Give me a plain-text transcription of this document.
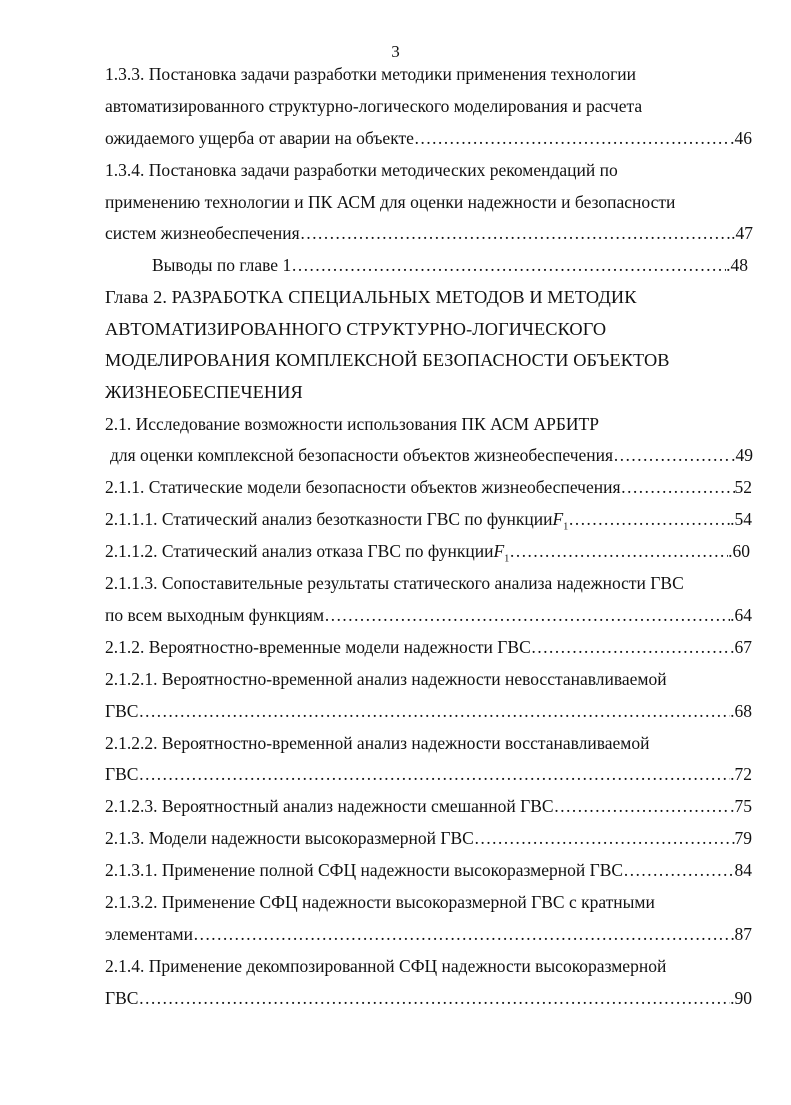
3
1.3.3. Постановка задачи разработки методики применения технологии
автоматизированного структурно-логического моделирования и расчета
ожидаемого ущерба от аварии на объекте ……………………………………………………………………………………………………………………………………………………………………………………………	.46
1.3.4. Постановка задачи разработки методических рекомендаций по
применению технологии и ПК АСМ для оценки надежности и безопасности
систем жизнеобеспечения ……………………………………………………………………………………………………………………………………………………………………………………………	.47
Выводы по главе 1 ……………………………………………………………………………………………………………………………………………………………………………………………	.48
Глава 2. РАЗРАБОТКА СПЕЦИАЛЬНЫХ МЕТОДОВ И МЕТОДИК
АВТОМАТИЗИРОВАННОГО СТРУКТУРНО-ЛОГИЧЕСКОГО
МОДЕЛИРОВАНИЯ КОМПЛЕКСНОЙ БЕЗОПАСНОСТИ ОБЪЕКТОВ
ЖИЗНЕОБЕСПЕЧЕНИЯ
2.1. Исследование возможности использования ПК АСМ АРБИТР
для оценки комплексной безопасности объектов жизнеобеспечения ……………………………………………………………………………………………………………………………………………………………………………………………	.49
2.1.1. Статические модели безопасности объектов жизнеобеспечения ……………………………………………………………………………………………………………………………………………………………………………………………	52
2.1.1.1. Статический анализ безотказности ГВС по функции $F_1$ ……………………………………………………………………………………………………………………………………………………………………………………………	.54
2.1.1.2. Статический анализ отказа ГВС по функции $F_1$ ……………………………………………………………………………………………………………………………………………………………………………………………	.60
2.1.1.3. Сопоставительные результаты статического анализа надежности ГВС
по всем выходным функциям ……………………………………………………………………………………………………………………………………………………………………………………………	.64
2.1.2. Вероятностно-временные модели надежности ГВС ……………………………………………………………………………………………………………………………………………………………………………………………	.67
2.1.2.1. Вероятностно-временной анализ надежности невосстанавливаемой
ГВС ……………………………………………………………………………………………………………………………………………………………………………………………	.68
2.1.2.2. Вероятностно-временной анализ надежности восстанавливаемой
ГВС ……………………………………………………………………………………………………………………………………………………………………………………………	.72
2.1.2.3. Вероятностный анализ надежности смешанной ГВС ……………………………………………………………………………………………………………………………………………………………………………………………	.75
2.1.3. Модели надежности высокоразмерной ГВС ……………………………………………………………………………………………………………………………………………………………………………………………	79
2.1.3.1. Применение полной СФЦ надежности высокоразмерной ГВС ……………………………………………………………………………………………………………………………………………………………………………………………	84
2.1.3.2. Применение СФЦ надежности высокоразмерной ГВС с кратными
элементами ……………………………………………………………………………………………………………………………………………………………………………………………	87
2.1.4. Применение декомпозированной СФЦ надежности высокоразмерной
ГВС ……………………………………………………………………………………………………………………………………………………………………………………………	.90
